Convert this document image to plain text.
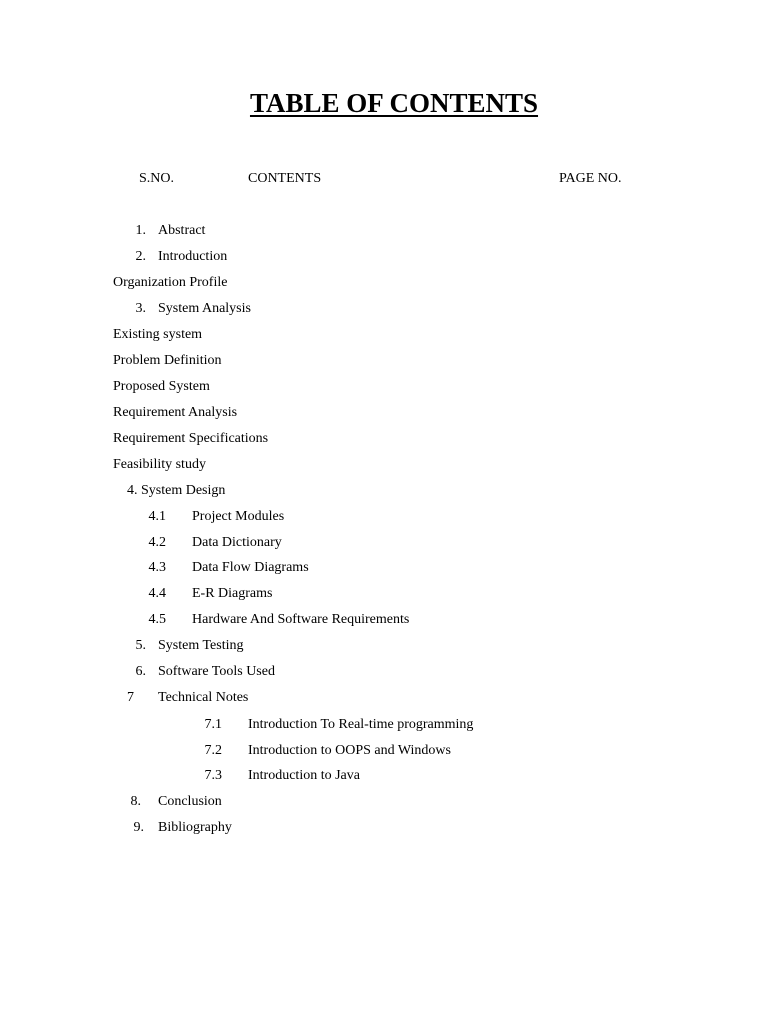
TABLE OF CONTENTS
S.NO.	CONTENTS	PAGE NO.
1. Abstract
2. Introduction
Organization Profile
3. System Analysis
Existing system
Problem Definition
Proposed System
Requirement Analysis
Requirement Specifications
Feasibility study
4. System Design
4.1 Project Modules
4.2 Data Dictionary
4.3 Data Flow Diagrams
4.4 E-R Diagrams
4.5 Hardware And Software Requirements
5. System Testing
6. Software Tools Used
7 Technical Notes
7.1 Introduction To Real-time programming
7.2 Introduction to OOPS and Windows
7.3 Introduction to Java
8. Conclusion
9. Bibliography
